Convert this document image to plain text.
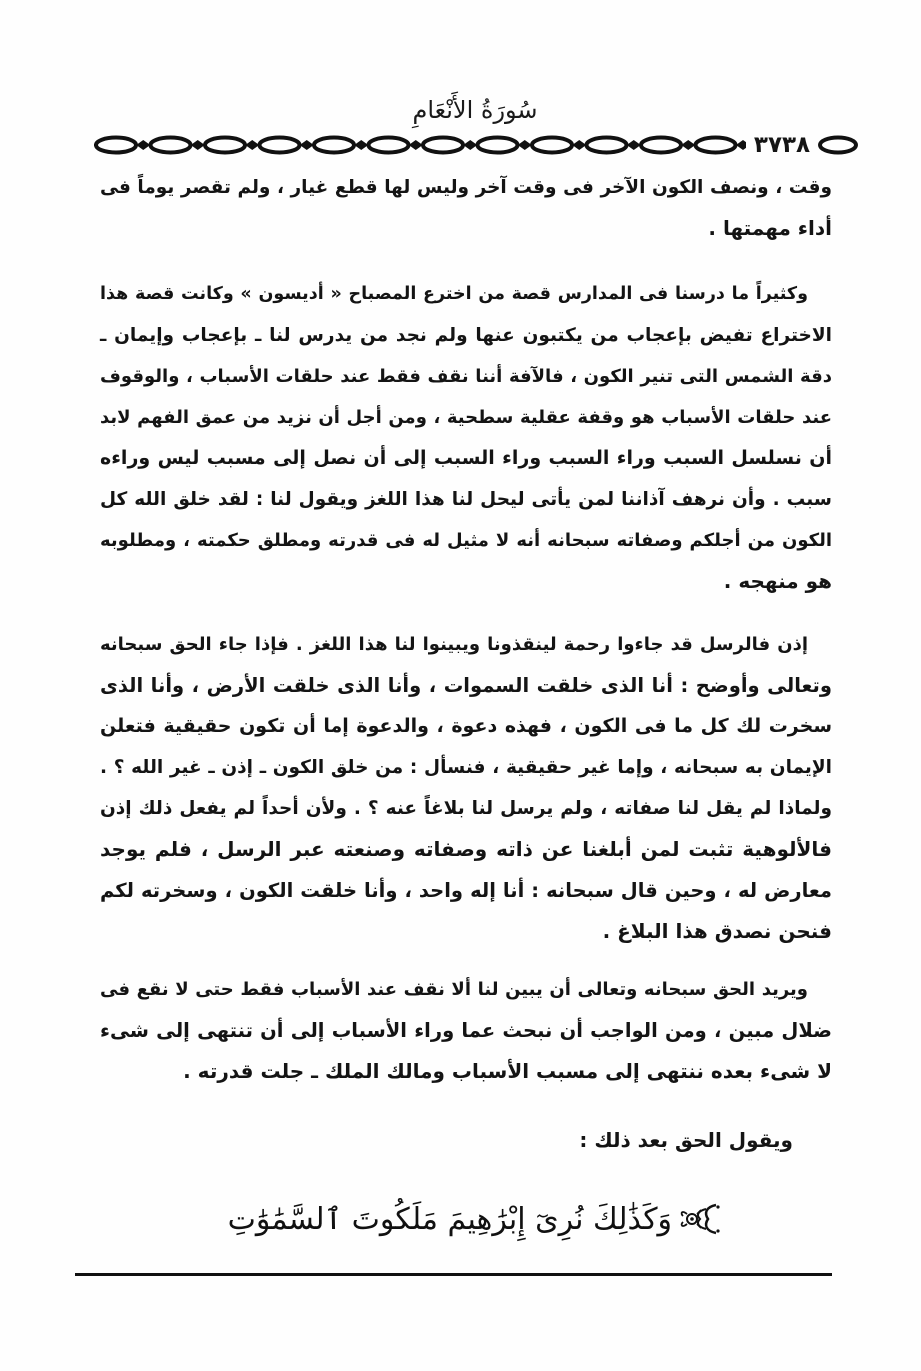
سُورَةُ الأَنْعَامِ
٣٧٣٨
وقت ، ونصف الكون الآخر فى وقت آخر وليس لها قطع غيار ، ولم تقصر يوماً فى
أداء مهمتها .
وكثيراً ما درسنا فى المدارس قصة من اخترع المصباح « أديسون » وكانت قصة هذا
الاختراع تفيض بإعجاب من يكتبون عنها ولم نجد من يدرس لنا ـ بإعجاب وإيمان ـ
دقة الشمس التى تنير الكون ، فالآفة أننا نقف فقط عند حلقات الأسباب ، والوقوف
عند حلقات الأسباب هو وقفة عقلية سطحية ، ومن أجل أن نزيد من عمق الفهم لابد
أن نسلسل السبب وراء السبب وراء السبب إلى أن نصل إلى مسبب ليس وراءه
سبب . وأن نرهف آذاننا لمن يأتى ليحل لنا هذا اللغز ويقول لنا : لقد خلق الله كل
الكون من أجلكم وصفاته سبحانه أنه لا مثيل له فى قدرته ومطلق حكمته ، ومطلوبه
هو منهجه .
إذن فالرسل قد جاءوا رحمة لينقذونا ويبينوا لنا هذا اللغز . فإذا جاء الحق سبحانه
وتعالى وأوضح : أنا الذى خلقت السموات ، وأنا الذى خلقت الأرض ، وأنا الذى
سخرت لك كل ما فى الكون ، فهذه دعوة ، والدعوة إما أن تكون حقيقية فتعلن
الإيمان به سبحانه ، وإما غير حقيقية ، فنسأل : من خلق الكون ـ إذن ـ غير الله ؟ .
ولماذا لم يقل لنا صفاته ، ولم يرسل لنا بلاغاً عنه ؟ . ولأن أحداً لم يفعل ذلك إذن
فالألوهية تثبت لمن أبلغنا عن ذاته وصفاته وصنعته عبر الرسل ، فلم يوجد
معارض له ، وحين قال سبحانه : أنا إله واحد ، وأنا خلقت الكون ، وسخرته لكم
فنحن نصدق هذا البلاغ .
ويريد الحق سبحانه وتعالى أن يبين لنا ألا نقف عند الأسباب فقط حتى لا نقع فى
ضلال مبين ، ومن الواجب أن نبحث عما وراء الأسباب إلى أن تنتهى إلى شىء
لا شىء بعده ننتهى إلى مسبب الأسباب ومالك الملك ـ جلت قدرته .
ويقول الحق بعد ذلك :
وَكَذَٰلِكَ نُرِىٓ إِبْرَٰهِيمَ مَلَكُوتَ ٱلسَّمَٰوَٰتِ
